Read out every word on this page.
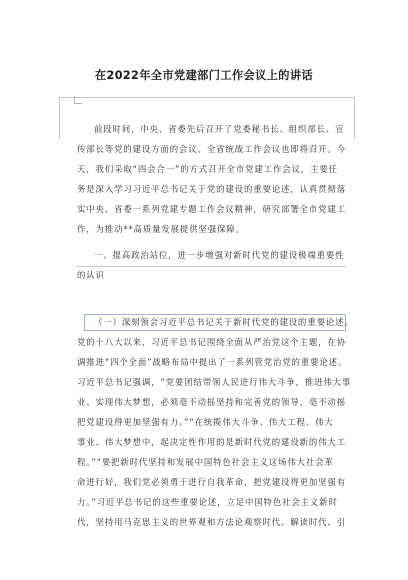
在2022年全市党建部门工作会议上的讲话
前段时间，中央、省委先后召开了党委秘书长、组织部长、宣
传部长等党的建设方面的会议，全省统战工作会议也即将召开。今
天，我们采取“四会合一”的方式召开全市党建工作会议，主要任
务是深入学习习近平总书记关于党的建设的重要论述，认真贯彻落
实中央、省委一系列党建专题工作会议精神，研究部署全市党建工
作，为推动**高质量发展提供坚强保障。
一、提高政治站位，进一步增强对新时代党的建设极端重要性
的认识
（一）深刻领会习近平总书记关于新时代党的建设的重要论述。
党的十八大以来，习近平总书记围绕全面从严治党这个主题，在协
调推进“四个全面”战略布局中提出了一系列管党治党的重要论述。
习近平总书记强调，“党要团结带领人民进行伟大斗争，推进伟大事
业、实现伟大梦想，必须毫不动摇坚持和完善党的领导，毫不动摇
把党建设得更加坚强有力。”“在统揽伟大斗争、伟大工程、伟大
事业、伟大梦想中，起决定性作用的是新时代党的建设新的伟大工
程。”“要把新时代坚持和发展中国特色社会主义这场伟大社会革
命进行好，我们党必须勇于进行自我革命，把党建设得更加坚强有
力。”习近平总书记的这些重要论述，立足中国特色社会主义新时
代，坚持用马克思主义的世界观和方法论观察时代、解读时代、引
